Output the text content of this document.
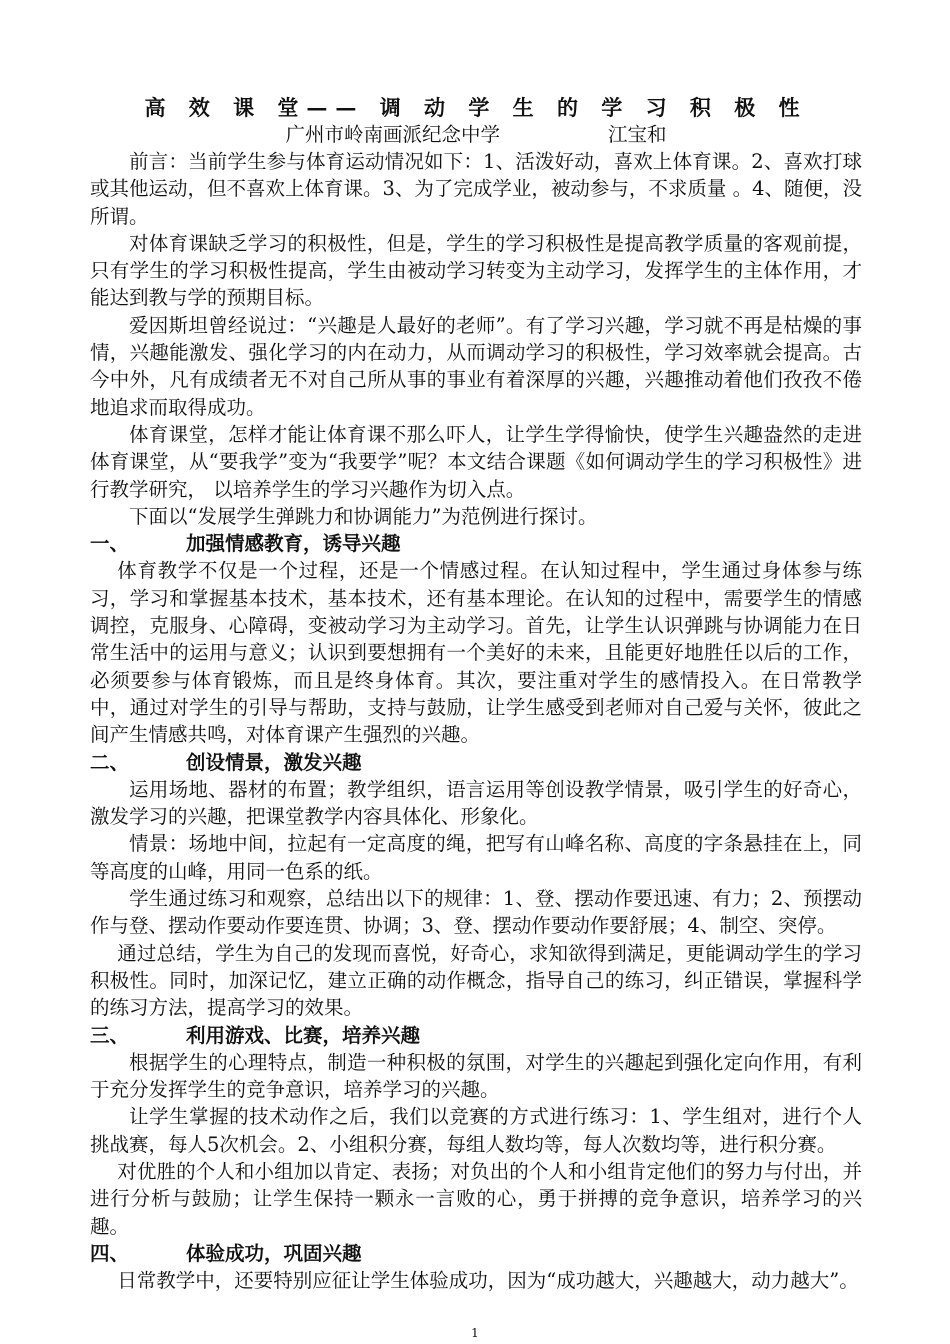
高 效 课 堂—— 调 动 学 生 的 学 习 积 极 性
广州市岭南画派纪念中学	江宝和

前言：当前学生参与体育运动情况如下：1、活泼好动，喜欢上体育课。2、喜欢打球或其他运动，但不喜欢上体育课。3、为了完成学业，被动参与，不求质量 。4、随便，没所谓。

对体育课缺乏学习的积极性，但是，学生的学习积极性是提高教学质量的客观前提，只有学生的学习积极性提高，学生由被动学习转变为主动学习，发挥学生的主体作用，才能达到教与学的预期目标。

爱因斯坦曾经说过：“兴趣是人最好的老师”。有了学习兴趣，学习就不再是枯燥的事情，兴趣能激发、强化学习的内在动力，从而调动学习的积极性，学习效率就会提高。古今中外，凡有成绩者无不对自己所从事的事业有着深厚的兴趣，兴趣推动着他们孜孜不倦地追求而取得成功。

体育课堂，怎样才能让体育课不那么吓人，让学生学得愉快，使学生兴趣盎然的走进体育课堂，从“要我学”变为“我要学”呢？本文结合课题《如何调动学生的学习积极性》进行教学研究， 以培养学生的学习兴趣作为切入点。

下面以“发展学生弹跳力和协调能力”为范例进行探讨。

一、	加强情感教育，诱导兴趣

体育教学不仅是一个过程，还是一个情感过程。在认知过程中，学生通过身体参与练习，学习和掌握基本技术，基本技术，还有基本理论。在认知的过程中，需要学生的情感调控，克服身、心障碍，变被动学习为主动学习。首先，让学生认识弹跳与协调能力在日常生活中的运用与意义；认识到要想拥有一个美好的未来，且能更好地胜任以后的工作，必须要参与体育锻炼，而且是终身体育。其次，要注重对学生的感情投入。在日常教学中，通过对学生的引导与帮助，支持与鼓励，让学生感受到老师对自己爱与关怀，彼此之间产生情感共鸣，对体育课产生强烈的兴趣。

二、	创设情景，激发兴趣

运用场地、器材的布置；教学组织，语言运用等创设教学情景，吸引学生的好奇心，激发学习的兴趣，把课堂教学内容具体化、形象化。

情景：场地中间，拉起有一定高度的绳，把写有山峰名称、高度的字条悬挂在上，同等高度的山峰，用同一色系的纸。

学生通过练习和观察，总结出以下的规律：1、登、摆动作要迅速、有力；2、预摆动作与登、摆动作要动作要连贯、协调；3、登、摆动作要动作要舒展；4、制空、突停。

通过总结，学生为自己的发现而喜悦，好奇心，求知欲得到满足，更能调动学生的学习积极性。同时，加深记忆，建立正确的动作概念，指导自己的练习，纠正错误，掌握科学的练习方法，提高学习的效果。

三、	利用游戏、比赛，培养兴趣

根据学生的心理特点，制造一种积极的氛围，对学生的兴趣起到强化定向作用，有利于充分发挥学生的竞争意识，培养学习的兴趣。

让学生掌握的技术动作之后，我们以竞赛的方式进行练习：1、学生组对，进行个人挑战赛，每人5次机会。2、小组积分赛，每组人数均等，每人次数均等，进行积分赛。

对优胜的个人和小组加以肯定、表扬；对负出的个人和小组肯定他们的努力与付出，并进行分析与鼓励；让学生保持一颗永一言败的心，勇于拼搏的竞争意识，培养学习的兴趣。

四、	体验成功，巩固兴趣

日常教学中，还要特别应征让学生体验成功，因为“成功越大，兴趣越大，动力越大”。

1
